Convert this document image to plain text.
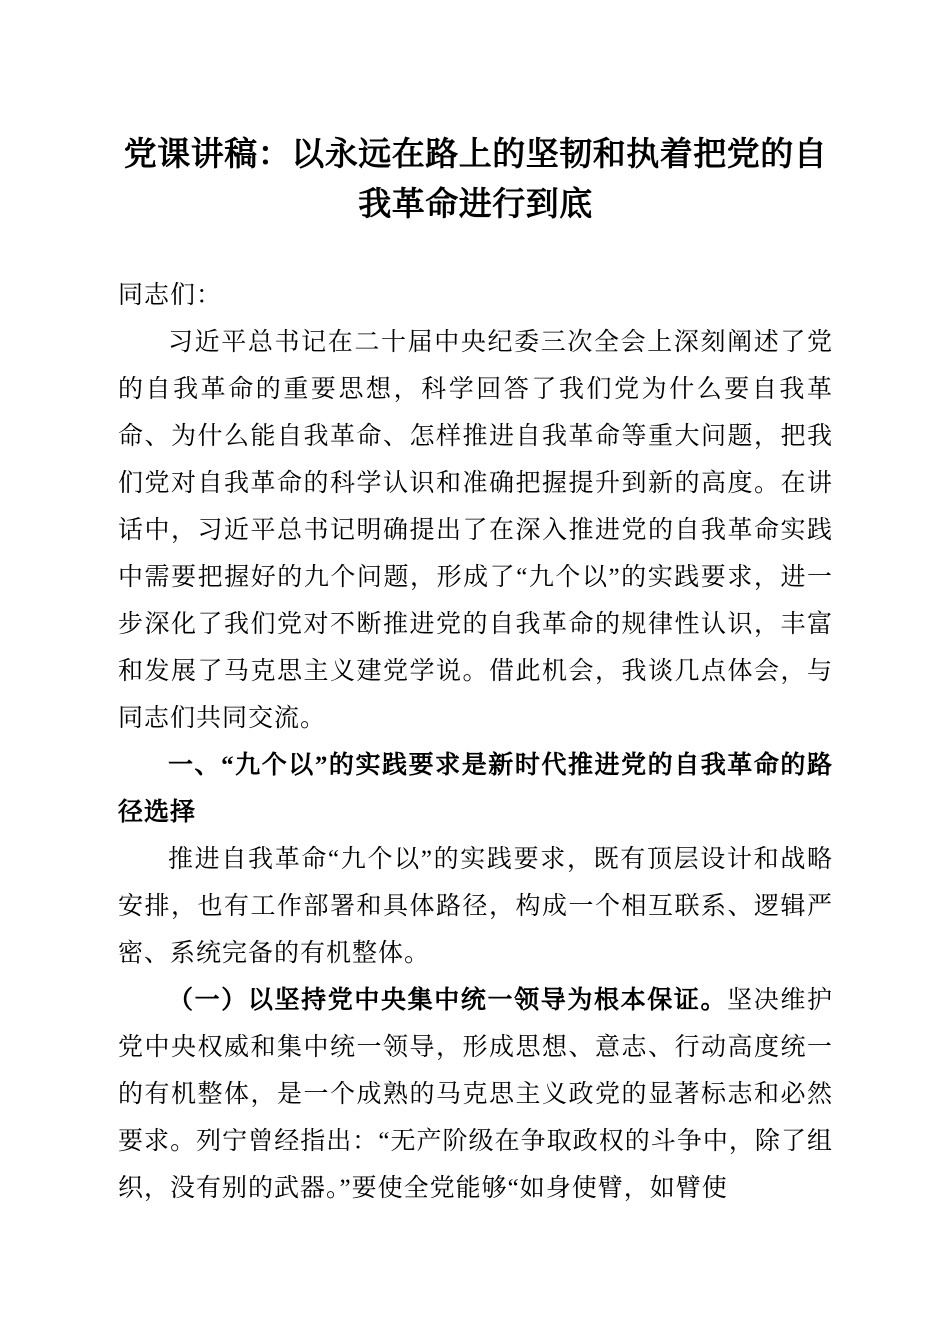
党课讲稿：以永远在路上的坚韧和执着把党的自我革命进行到底

同志们：

习近平总书记在二十届中央纪委三次全会上深刻阐述了党的自我革命的重要思想，科学回答了我们党为什么要自我革命、为什么能自我革命、怎样推进自我革命等重大问题，把我们党对自我革命的科学认识和准确把握提升到新的高度。在讲话中，习近平总书记明确提出了在深入推进党的自我革命实践中需要把握好的九个问题，形成了“九个以”的实践要求，进一步深化了我们党对不断推进党的自我革命的规律性认识，丰富和发展了马克思主义建党学说。借此机会，我谈几点体会，与同志们共同交流。

一、“九个以”的实践要求是新时代推进党的自我革命的路径选择

推进自我革命“九个以”的实践要求，既有顶层设计和战略安排，也有工作部署和具体路径，构成一个相互联系、逻辑严密、系统完备的有机整体。

（一）以坚持党中央集中统一领导为根本保证。坚决维护党中央权威和集中统一领导，形成思想、意志、行动高度统一的有机整体，是一个成熟的马克思主义政党的显著标志和必然要求。列宁曾经指出：“无产阶级在争取政权的斗争中，除了组织，没有别的武器。”要使全党能够“如身使臂，如臂使
